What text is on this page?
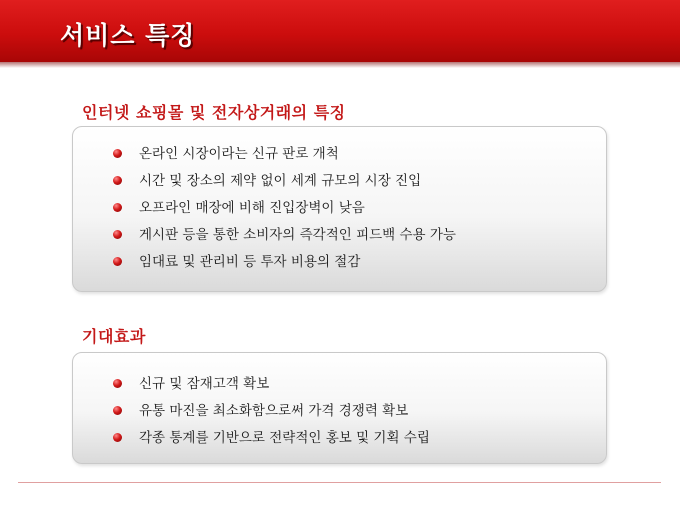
서비스 특징
인터넷 쇼핑몰 및 전자상거래의 특징
온라인 시장이라는 신규 판로 개척
시간 및 장소의 제약 없이 세계 규모의 시장 진입
오프라인 매장에 비해 진입장벽이 낮음
게시판 등을 통한 소비자의 즉각적인 피드백 수용 가능
임대료 및 관리비 등 투자 비용의 절감
기대효과
신규 및 잠재고객 확보
유통 마진을 최소화함으로써 가격 경쟁력 확보
각종 통계를 기반으로 전략적인 홍보 및 기획 수립
